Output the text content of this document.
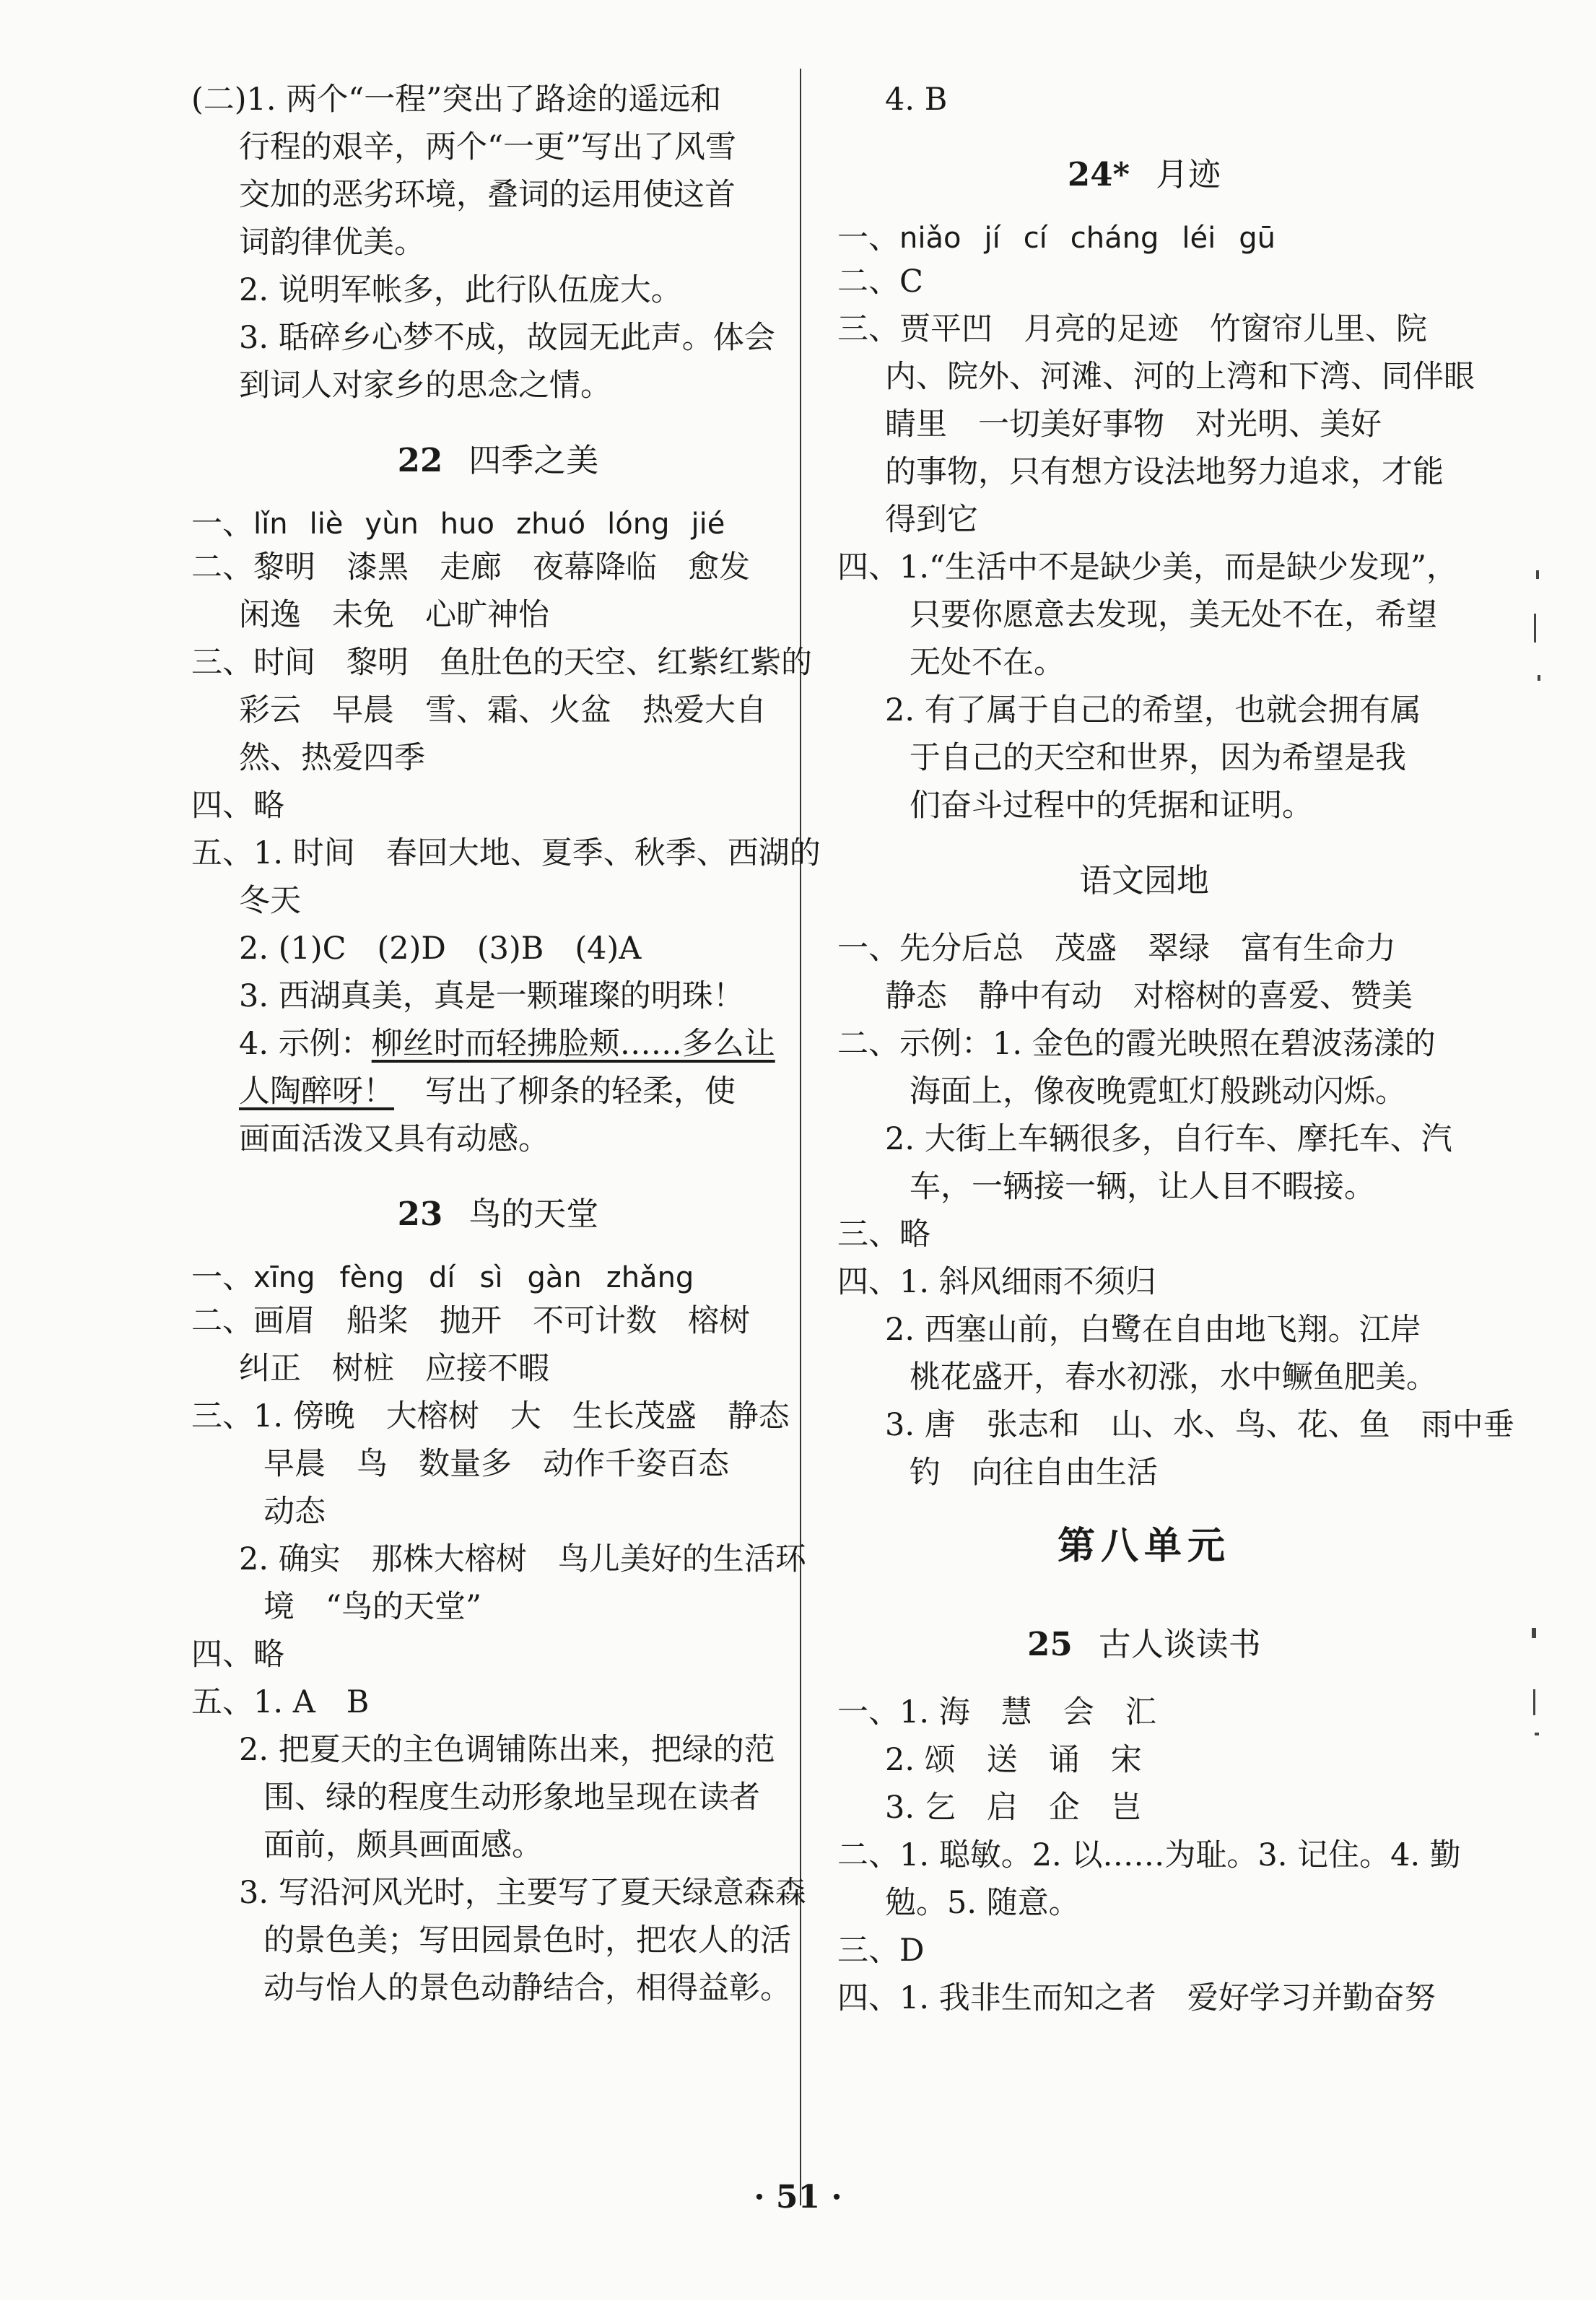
(二)1. 两个“一程”突出了路途的遥远和
行程的艰辛，两个“一更”写出了风雪
交加的恶劣环境，叠词的运用使这首
词韵律优美。
2. 说明军帐多，此行队伍庞大。
3. 聒碎乡心梦不成，故园无此声。体会
到词人对家乡的思念之情。
22 四季之美
一、 lǐn liè yùn huo zhuó lóng jié
二、黎明　漆黑　走廊　夜幕降临　愈发
闲逸　未免　心旷神怡
三、时间　黎明　鱼肚色的天空、红紫红紫的
彩云　早晨　雪、霜、火盆　热爱大自
然、热爱四季
四、略
五、1. 时间　春回大地、夏季、秋季、西湖的
冬天
2. (1)C　(2)D　(3)B　(4)A
3. 西湖真美，真是一颗璀璨的明珠！
4. 示例：柳丝时而轻拂脸颊……多么让
人陶醉呀！　写出了柳条的轻柔，使
画面活泼又具有动感。
23 鸟的天堂
一、 xīng fèng dí sì gàn zhǎng
二、画眉　船桨　抛开　不可计数　榕树
纠正　树桩　应接不暇
三、1. 傍晚　大榕树　大　生长茂盛　静态
早晨　鸟　数量多　动作千姿百态
动态
2. 确实　那株大榕树　鸟儿美好的生活环
境　“鸟的天堂”
四、略
五、1. A　B
2. 把夏天的主色调铺陈出来，把绿的范
围、绿的程度生动形象地呈现在读者
面前，颇具画面感。
3. 写沿河风光时，主要写了夏天绿意森森
的景色美；写田园景色时，把农人的活
动与怡人的景色动静结合，相得益彰。
4. B
24* 月迹
一、 niǎo jí cí cháng léi gū
二、C
三、贾平凹　月亮的足迹　竹窗帘儿里、院
内、院外、河滩、河的上湾和下湾、同伴眼
睛里　一切美好事物　对光明、美好
的事物，只有想方设法地努力追求，才能
得到它
四、1.“生活中不是缺少美，而是缺少发现”，
只要你愿意去发现，美无处不在，希望
无处不在。
2. 有了属于自己的希望，也就会拥有属
于自己的天空和世界，因为希望是我
们奋斗过程中的凭据和证明。
语文园地
一、先分后总　茂盛　翠绿　富有生命力
静态　静中有动　对榕树的喜爱、赞美
二、示例：1. 金色的霞光映照在碧波荡漾的
海面上，像夜晚霓虹灯般跳动闪烁。
2. 大街上车辆很多，自行车、摩托车、汽
车，一辆接一辆，让人目不暇接。
三、略
四、1. 斜风细雨不须归
2. 西塞山前，白鹭在自由地飞翔。江岸
桃花盛开，春水初涨，水中鳜鱼肥美。
3. 唐　张志和　山、水、鸟、花、鱼　雨中垂
钓　向往自由生活
第八单元
25 古人谈读书
一、1. 海　慧　会　汇
2. 颂　送　诵　宋
3. 乞　启　企　岂
二、1. 聪敏。2. 以……为耻。3. 记住。4. 勤
勉。5. 随意。
三、D
四、1. 我非生而知之者　爱好学习并勤奋努
· 51 ·
